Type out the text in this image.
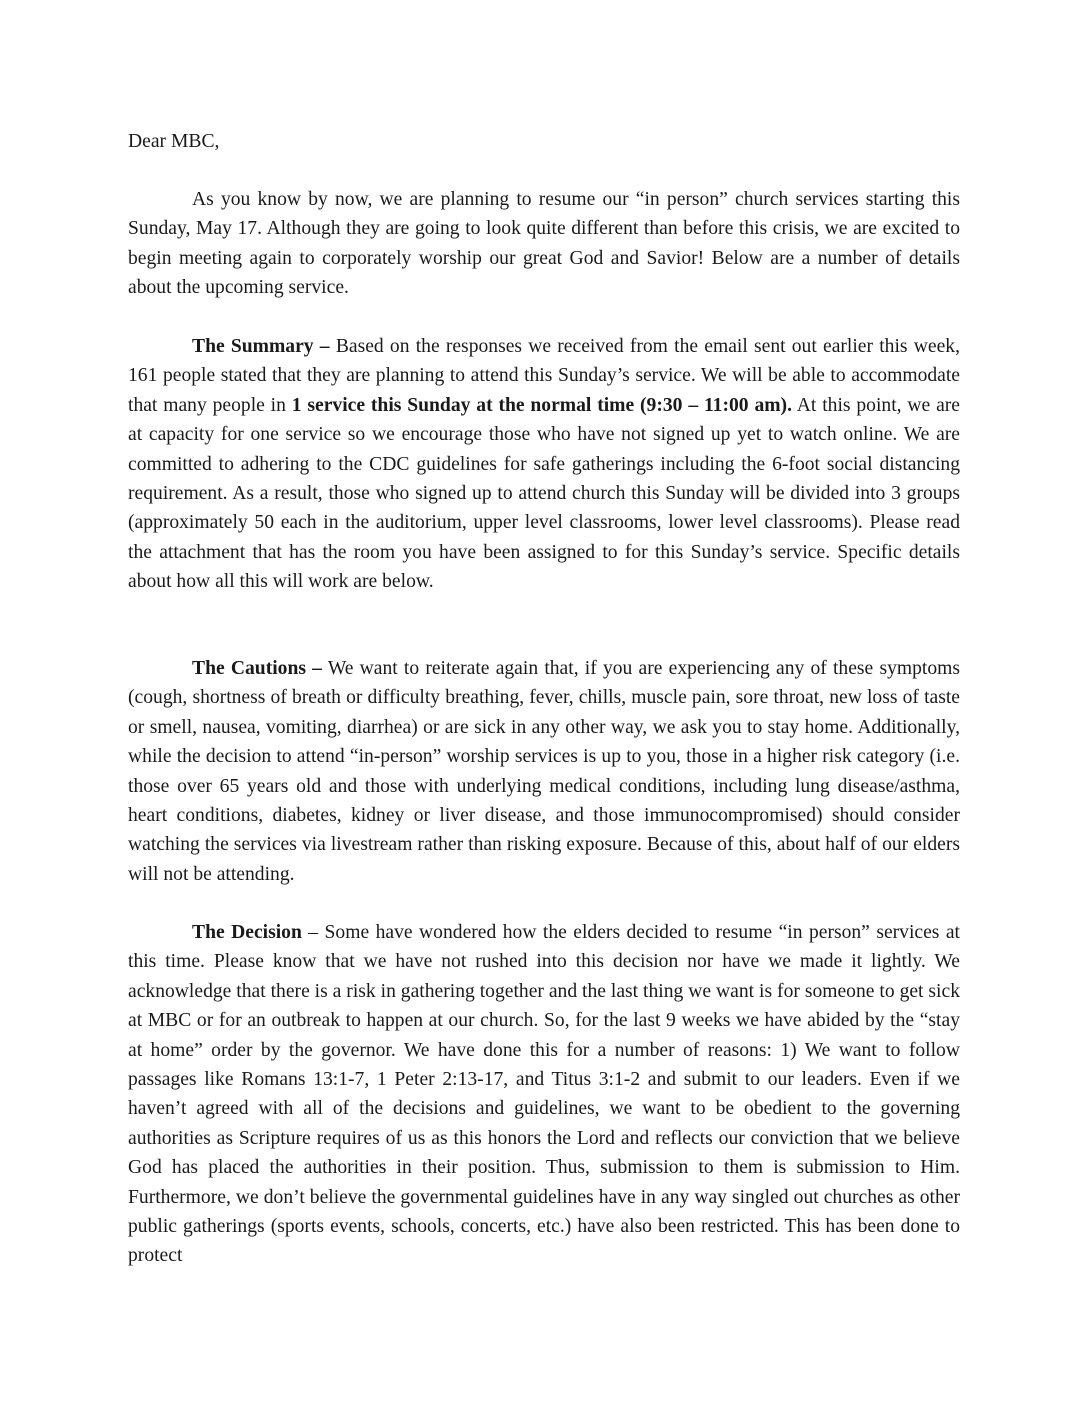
Dear MBC,

As you know by now, we are planning to resume our “in person” church services starting this Sunday, May 17. Although they are going to look quite different than before this crisis, we are excited to begin meeting again to corporately worship our great God and Savior! Below are a number of details about the upcoming service.

The Summary – Based on the responses we received from the email sent out earlier this week, 161 people stated that they are planning to attend this Sunday’s service. We will be able to accommodate that many people in 1 service this Sunday at the normal time (9:30 – 11:00 am). At this point, we are at capacity for one service so we encourage those who have not signed up yet to watch online. We are committed to adhering to the CDC guidelines for safe gatherings including the 6-foot social distancing requirement. As a result, those who signed up to attend church this Sunday will be divided into 3 groups (approximately 50 each in the auditorium, upper level classrooms, lower level classrooms). Please read the attachment that has the room you have been assigned to for this Sunday’s service. Specific details about how all this will work are below.

The Cautions – We want to reiterate again that, if you are experiencing any of these symptoms (cough, shortness of breath or difficulty breathing, fever, chills, muscle pain, sore throat, new loss of taste or smell, nausea, vomiting, diarrhea) or are sick in any other way, we ask you to stay home. Additionally, while the decision to attend “in-person” worship services is up to you, those in a higher risk category (i.e. those over 65 years old and those with underlying medical conditions, including lung disease/asthma, heart conditions, diabetes, kidney or liver disease, and those immunocompromised) should consider watching the services via livestream rather than risking exposure. Because of this, about half of our elders will not be attending.

The Decision – Some have wondered how the elders decided to resume “in person” services at this time. Please know that we have not rushed into this decision nor have we made it lightly. We acknowledge that there is a risk in gathering together and the last thing we want is for someone to get sick at MBC or for an outbreak to happen at our church. So, for the last 9 weeks we have abided by the “stay at home” order by the governor. We have done this for a number of reasons: 1) We want to follow passages like Romans 13:1-7, 1 Peter 2:13-17, and Titus 3:1-2 and submit to our leaders. Even if we haven’t agreed with all of the decisions and guidelines, we want to be obedient to the governing authorities as Scripture requires of us as this honors the Lord and reflects our conviction that we believe God has placed the authorities in their position. Thus, submission to them is submission to Him. Furthermore, we don’t believe the governmental guidelines have in any way singled out churches as other public gatherings (sports events, schools, concerts, etc.) have also been restricted. This has been done to protect
